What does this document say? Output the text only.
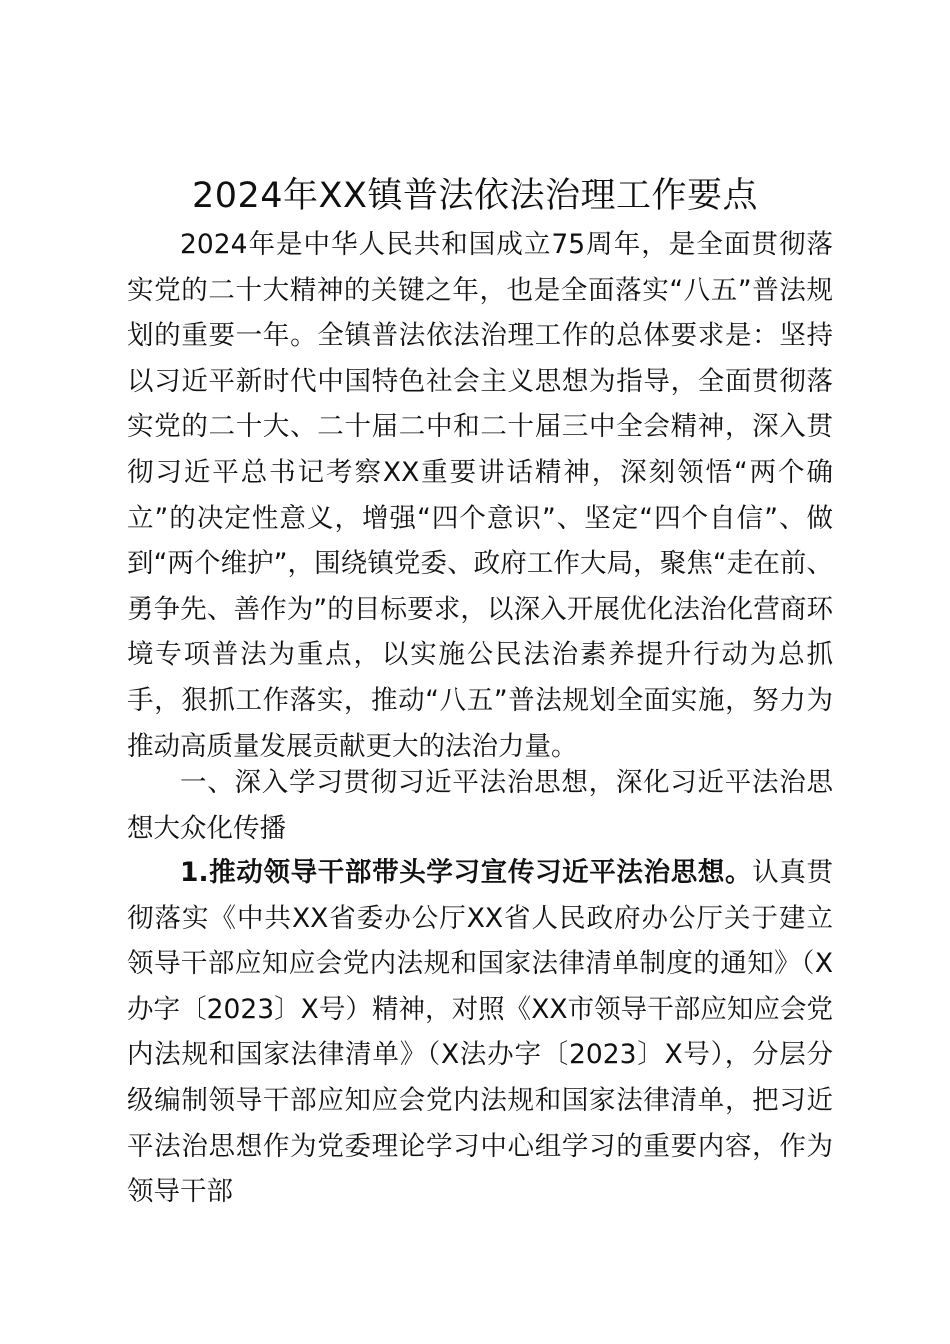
2024年XX镇普法依法治理工作要点

2024年是中华人民共和国成立75周年，是全面贯彻落实党的二十大精神的关键之年，也是全面落实“八五”普法规划的重要一年。全镇普法依法治理工作的总体要求是：坚持以习近平新时代中国特色社会主义思想为指导，全面贯彻落实党的二十大、二十届二中和二十届三中全会精神，深入贯彻习近平总书记考察XX重要讲话精神，深刻领悟“两个确立”的决定性意义，增强“四个意识”、坚定“四个自信”、做到“两个维护”，围绕镇党委、政府工作大局，聚焦“走在前、勇争先、善作为”的目标要求，以深入开展优化法治化营商环境专项普法为重点，以实施公民法治素养提升行动为总抓手，狠抓工作落实，推动“八五”普法规划全面实施，努力为推动高质量发展贡献更大的法治力量。

一、深入学习贯彻习近平法治思想，深化习近平法治思想大众化传播

1.推动领导干部带头学习宣传习近平法治思想。认真贯彻落实《中共XX省委办公厅XX省人民政府办公厅关于建立领导干部应知应会党内法规和国家法律清单制度的通知》（X办字〔2023〕X号）精神，对照《XX市领导干部应知应会党内法规和国家法律清单》（X法办字〔2023〕X号），分层分级编制领导干部应知应会党内法规和国家法律清单，把习近平法治思想作为党委理论学习中心组学习的重要内容，作为领导干部
